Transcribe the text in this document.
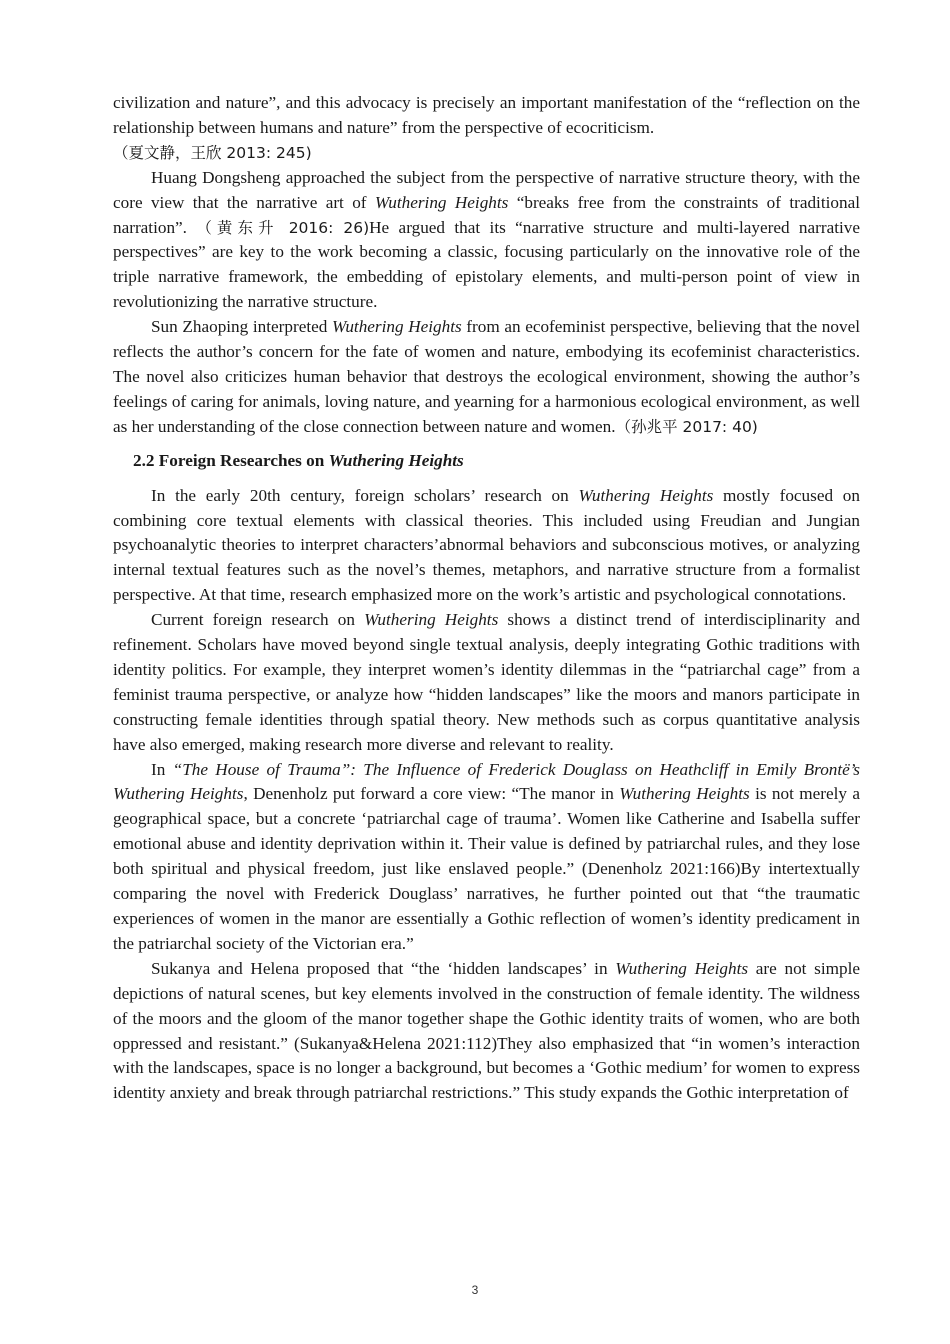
civilization and nature”, and this advocacy is precisely an important manifestation of the “reflection on the relationship between humans and nature” from the perspective of ecocriticism.
（夏文静，王欣 2013: 245)

Huang Dongsheng approached the subject from the perspective of narrative structure theory, with the core view that the narrative art of Wuthering Heights “breaks free from the constraints of traditional narration”. （黄东升 2016: 26)He argued that its “narrative structure and multi-layered narrative perspectives” are key to the work becoming a classic, focusing particularly on the innovative role of the triple narrative framework, the embedding of epistolary elements, and multi-person point of view in revolutionizing the narrative structure.

Sun Zhaoping interpreted Wuthering Heights from an ecofeminist perspective, believing that the novel reflects the author’s concern for the fate of women and nature, embodying its ecofeminist characteristics. The novel also criticizes human behavior that destroys the ecological environment, showing the author’s feelings of caring for animals, loving nature, and yearning for a harmonious ecological environment, as well as her understanding of the close connection between nature and women.（孙兆平 2017: 40)

2.2 Foreign Researches on Wuthering Heights

In the early 20th century, foreign scholars’ research on Wuthering Heights mostly focused on combining core textual elements with classical theories. This included using Freudian and Jungian psychoanalytic theories to interpret characters’abnormal behaviors and subconscious motives, or analyzing internal textual features such as the novel’s themes, metaphors, and narrative structure from a formalist perspective. At that time, research emphasized more on the work’s artistic and psychological connotations.

Current foreign research on Wuthering Heights shows a distinct trend of interdisciplinarity and refinement. Scholars have moved beyond single textual analysis, deeply integrating Gothic traditions with identity politics. For example, they interpret women’s identity dilemmas in the “patriarchal cage” from a feminist trauma perspective, or analyze how “hidden landscapes” like the moors and manors participate in constructing female identities through spatial theory. New methods such as corpus quantitative analysis have also emerged, making research more diverse and relevant to reality.

In “The House of Trauma”: The Influence of Frederick Douglass on Heathcliff in Emily Brontë’s Wuthering Heights, Denenholz put forward a core view: “The manor in Wuthering Heights is not merely a geographical space, but a concrete ‘patriarchal cage of trauma’. Women like Catherine and Isabella suffer emotional abuse and identity deprivation within it. Their value is defined by patriarchal rules, and they lose both spiritual and physical freedom, just like enslaved people.” (Denenholz 2021:166)By intertextually comparing the novel with Frederick Douglass’ narratives, he further pointed out that “the traumatic experiences of women in the manor are essentially a Gothic reflection of women’s identity predicament in the patriarchal society of the Victorian era.”

Sukanya and Helena proposed that “the ‘hidden landscapes’ in Wuthering Heights are not simple depictions of natural scenes, but key elements involved in the construction of female identity. The wildness of the moors and the gloom of the manor together shape the Gothic identity traits of women, who are both oppressed and resistant.” (Sukanya&Helena 2021:112)They also emphasized that “in women’s interaction with the landscapes, space is no longer a background, but becomes a ‘Gothic medium’ for women to express identity anxiety and break through patriarchal restrictions.” This study expands the Gothic interpretation of

3
